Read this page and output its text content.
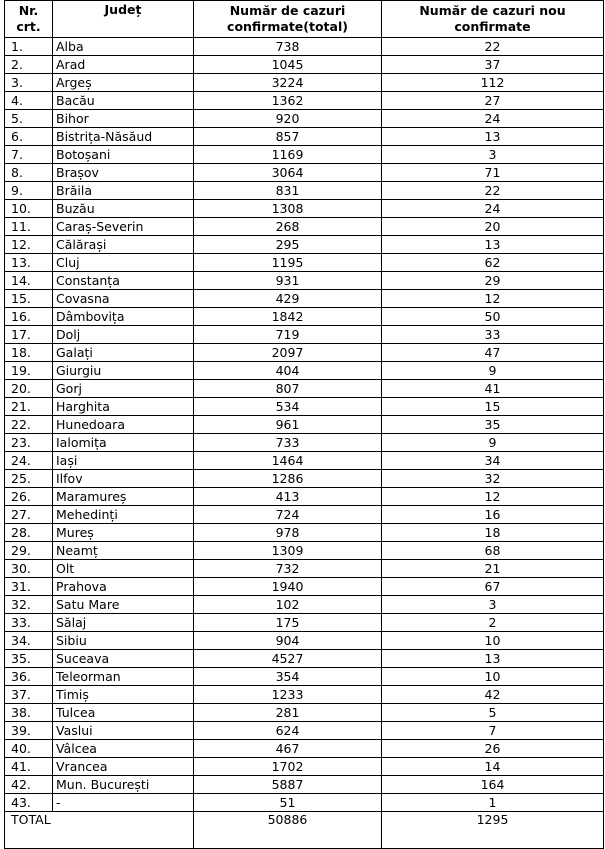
Nr. crt.	Județ	Număr de cazuri confirmate(total)	Număr de cazuri nou confirmate
1.	Alba	738	22
2.	Arad	1045	37
3.	Argeș	3224	112
4.	Bacău	1362	27
5.	Bihor	920	24
6.	Bistrița-Năsăud	857	13
7.	Botoșani	1169	3
8.	Brașov	3064	71
9.	Brăila	831	22
10.	Buzău	1308	24
11.	Caraș-Severin	268	20
12.	Călărași	295	13
13.	Cluj	1195	62
14.	Constanța	931	29
15.	Covasna	429	12
16.	Dâmbovița	1842	50
17.	Dolj	719	33
18.	Galați	2097	47
19.	Giurgiu	404	9
20.	Gorj	807	41
21.	Harghita	534	15
22.	Hunedoara	961	35
23.	Ialomița	733	9
24.	Iași	1464	34
25.	Ilfov	1286	32
26.	Maramureș	413	12
27.	Mehedinți	724	16
28.	Mureș	978	18
29.	Neamț	1309	68
30.	Olt	732	21
31.	Prahova	1940	67
32.	Satu Mare	102	3
33.	Sălaj	175	2
34.	Sibiu	904	10
35.	Suceava	4527	13
36.	Teleorman	354	10
37.	Timiș	1233	42
38.	Tulcea	281	5
39.	Vaslui	624	7
40.	Vâlcea	467	26
41.	Vrancea	1702	14
42.	Mun. București	5887	164
43.	-	51	1
TOTAL		50886	1295
